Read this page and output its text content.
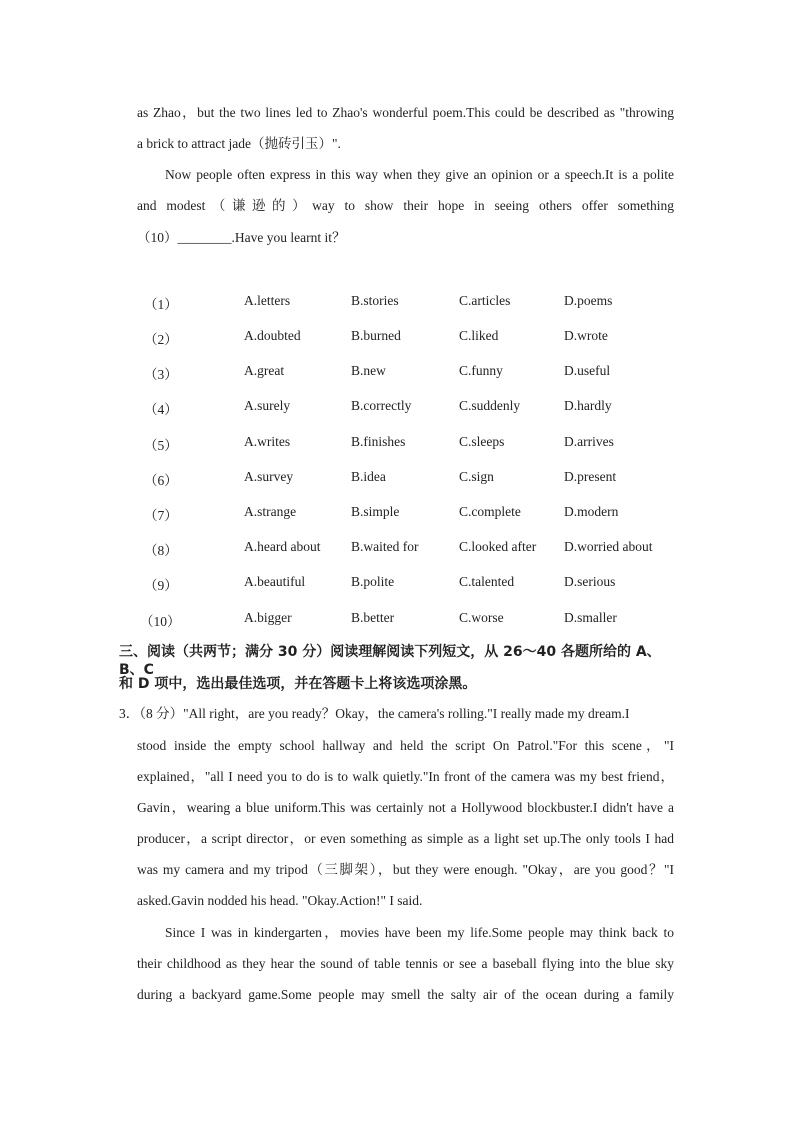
as Zhao，but the two lines led to Zhao's wonderful poem.This could be described as "throwing
a brick to attract jade（抛砖引玉）".
Now people often express in this way when they give an opinion or a speech.It is a polite
and modest（谦逊的）way to show their hope in seeing others offer something
（10）________.Have you learnt it？
（1）	A.letters	B.stories	C.articles	D.poems
（2）	A.doubted	B.burned	C.liked	D.wrote
（3）	A.great	B.new	C.funny	D.useful
（4）	A.surely	B.correctly	C.suddenly	D.hardly
（5）	A.writes	B.finishes	C.sleeps	D.arrives
（6）	A.survey	B.idea	C.sign	D.present
（7）	A.strange	B.simple	C.complete	D.modern
（8）	A.heard about B.waited for	C.looked after D.worried about
（9）	A.beautiful	B.polite	C.talented	D.serious
（10）	A.bigger	B.better	C.worse	D.smaller
三、阅读（共两节；满分 30 分）阅读理解阅读下列短文，从 26～40 各题所给的 A、B、C
和 D 项中，选出最佳选项，并在答题卡上将该选项涂黑。
3．（8 分）"All right，are you ready？Okay，the camera's rolling."I really made my dream.I
stood inside the empty school hallway and held the script On Patrol."For this scene，"I
explained，"all I need you to do is to walk quietly."In front of the camera was my best friend，
Gavin，wearing a blue uniform.This was certainly not a Hollywood blockbuster.I didn't have a
producer，a script director，or even something as simple as a light set up.The only tools I had
was my camera and my tripod（三脚架），but they were enough. "Okay，are you good？"I
asked.Gavin nodded his head. "Okay.Action!" I said.
Since I was in kindergarten，movies have been my life.Some people may think back to
their childhood as they hear the sound of table tennis or see a baseball flying into the blue sky
during a backyard game.Some people may smell the salty air of the ocean during a family
